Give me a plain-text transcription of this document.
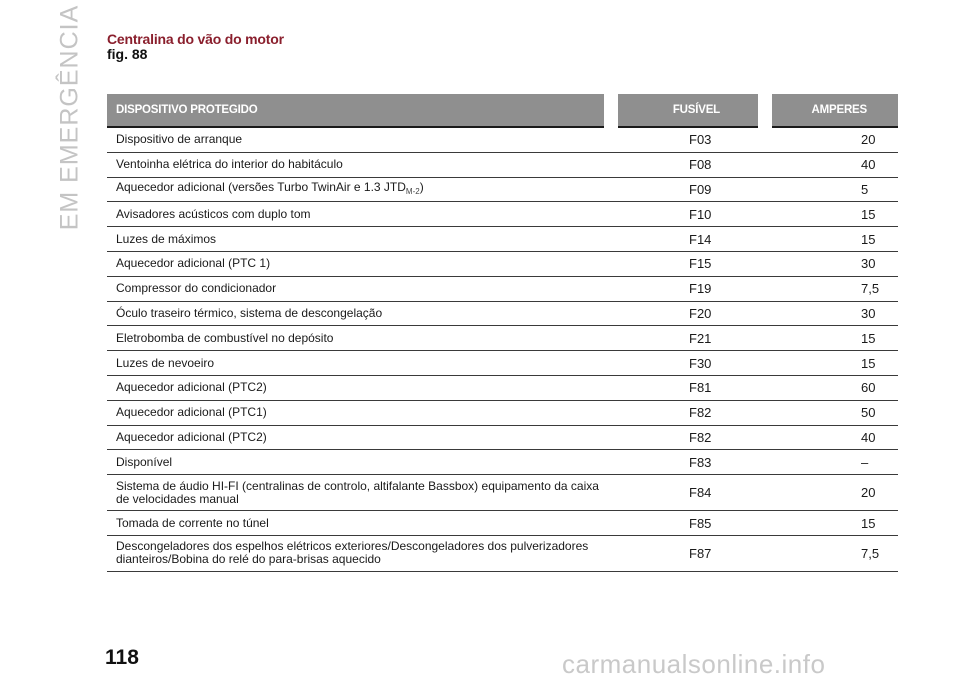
EM EMERGÊNCIA Centralina do vão do motor
fig. 88
DISPOSITIVO PROTEGIDO	FUSÍVEL	AMPERES
Dispositivo de arranque	F03	20
Ventoinha elétrica do interior do habitáculo	F08	40
Aquecedor adicional (versões Turbo TwinAir e 1.3 $JTD_{M-2}$)	F09	5
Avisadores acústicos com duplo tom	F10	15
Luzes de máximos	F14	15
Aquecedor adicional (PTC 1)	F15	30
Compressor do condicionador	F19	7,5
Óculo traseiro térmico, sistema de descongelação	F20	30
Eletrobomba de combustível no depósito	F21	15
Luzes de nevoeiro	F30	15
Aquecedor adicional (PTC2)	F81	60
Aquecedor adicional (PTC1)	F82	50
Aquecedor adicional (PTC2)	F82	40
Disponível	F83	–

Sistema de áudio HI-FI (centralinas de controlo, altifalante Bassbox) equipamento da caixa
de velocidades manual	F84	20
Tomada de corrente no túnel	F85	15

Descongeladores dos espelhos elétricos exteriores/Descongeladores dos pulverizadores
dianteiros/Bobina do relé do para-brisas aquecido	F87	7,5
118	carmanualsonline.info
